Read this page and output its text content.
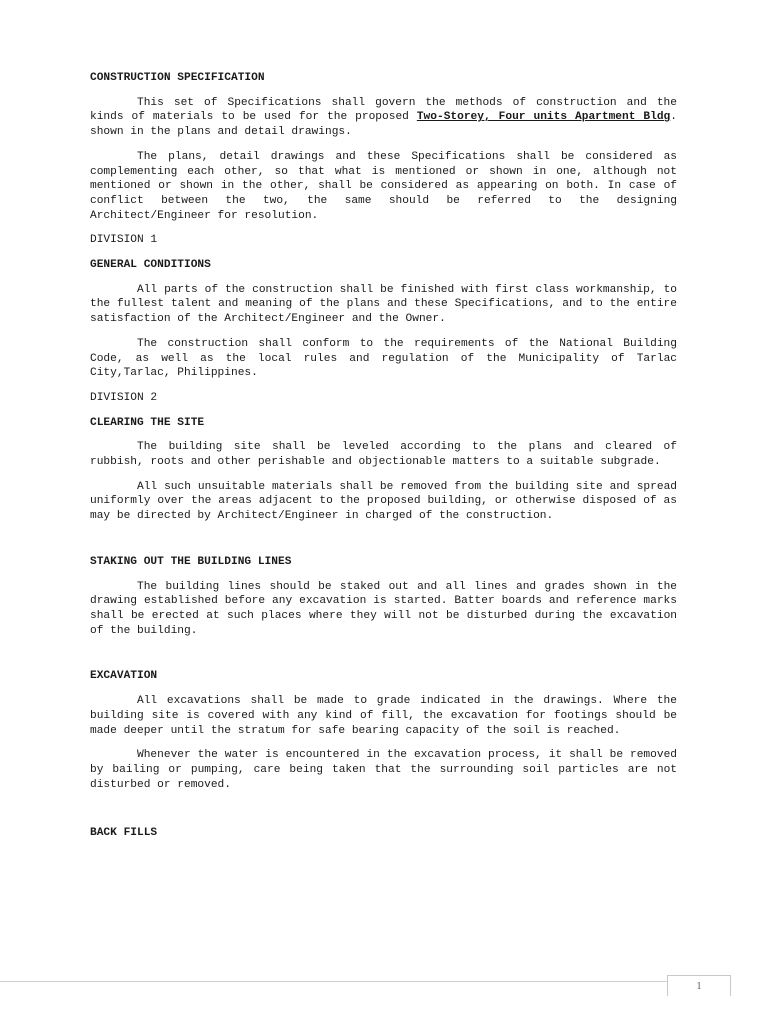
CONSTRUCTION SPECIFICATION

This set of Specifications shall govern the methods of construction and the kinds of materials to be used for the proposed Two-Storey, Four units Apartment Bldg. shown in the plans and detail drawings.

The plans, detail drawings and these Specifications shall be considered as complementing each other, so that what is mentioned or shown in one, although not mentioned or shown in the other, shall be considered as appearing on both. In case of conflict between the two, the same should be referred to the designing Architect/Engineer for resolution.

DIVISION 1

GENERAL CONDITIONS

All parts of the construction shall be finished with first class workmanship, to the fullest talent and meaning of the plans and these Specifications, and to the entire satisfaction of the Architect/Engineer and the Owner.

The construction shall conform to the requirements of the National Building Code, as well as the local rules and regulation of the Municipality of Tarlac City,Tarlac, Philippines.

DIVISION 2

CLEARING THE SITE

The building site shall be leveled according to the plans and cleared of rubbish, roots and other perishable and objectionable matters to a suitable subgrade.

All such unsuitable materials shall be removed from the building site and spread uniformly over the areas adjacent to the proposed building, or otherwise disposed of as may be directed by Architect/Engineer in charged of the construction.

STAKING OUT THE BUILDING LINES

The building lines should be staked out and all lines and grades shown in the drawing established before any excavation is started. Batter boards and reference marks shall be erected at such places where they will not be disturbed during the excavation of the building.

EXCAVATION

All excavations shall be made to grade indicated in the drawings. Where the building site is covered with any kind of fill, the excavation for footings should be made deeper until the stratum for safe bearing capacity of the soil is reached.

Whenever the water is encountered in the excavation process, it shall be removed by bailing or pumping, care being taken that the surrounding soil particles are not disturbed or removed.

BACK FILLS

1
